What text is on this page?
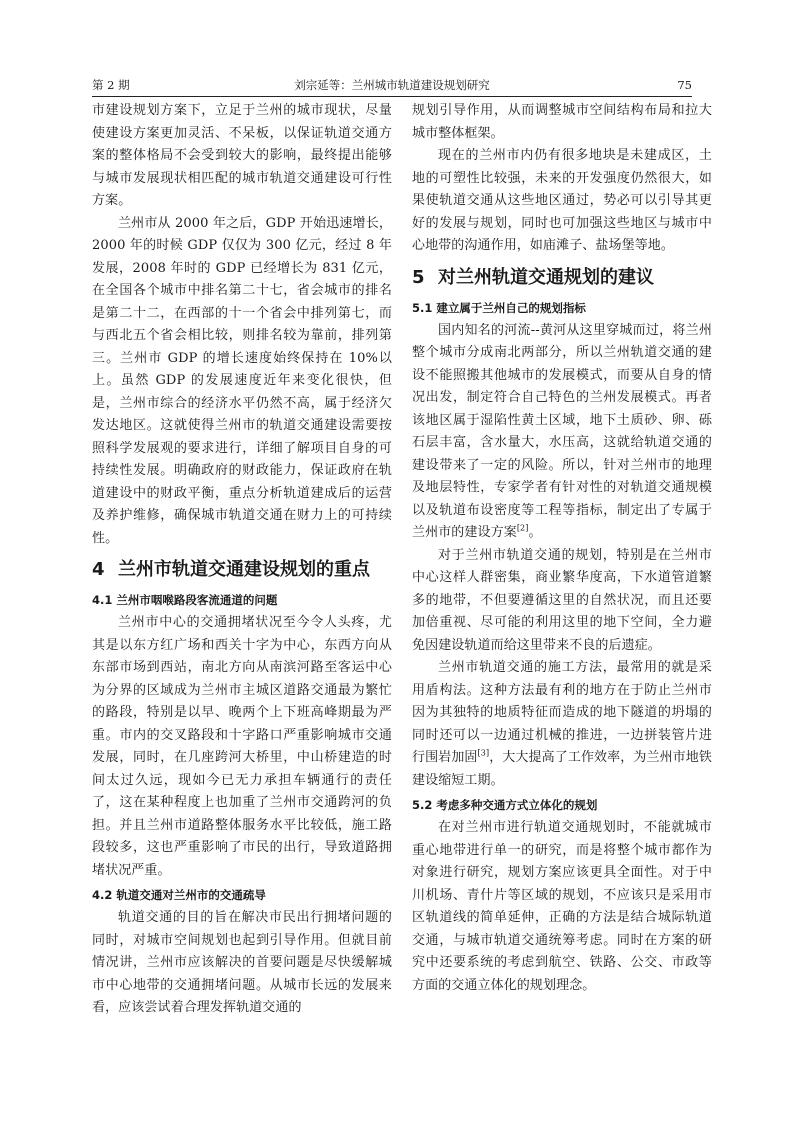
第 2 期	刘宗延等：兰州城市轨道建设规划研究	75

市建设规划方案下，立足于兰州的城市现状，尽量使建设方案更加灵活、不呆板，以保证轨道交通方案的整体格局不会受到较大的影响，最终提出能够与城市发展现状相匹配的城市轨道交通建设可行性方案。

兰州市从 2000 年之后，GDP 开始迅速增长，2000 年的时候 GDP 仅仅为 300 亿元，经过 8 年发展，2008 年时的 GDP 已经增长为 831 亿元，在全国各个城市中排名第二十七，省会城市的排名是第二十二，在西部的十一个省会中排列第七，而与西北五个省会相比较，则排名较为靠前，排列第三。兰州市 GDP 的增长速度始终保持在 10%以上。虽然 GDP 的发展速度近年来变化很快，但是，兰州市综合的经济水平仍然不高，属于经济欠发达地区。这就使得兰州市的轨道交通建设需要按照科学发展观的要求进行，详细了解项目自身的可持续性发展。明确政府的财政能力，保证政府在轨道建设中的财政平衡，重点分析轨道建成后的运营及养护维修，确保城市轨道交通在财力上的可持续性。

4 兰州市轨道交通建设规划的重点
4.1 兰州市咽喉路段客流通道的问题

兰州市中心的交通拥堵状况至今令人头疼，尤其是以东方红广场和西关十字为中心，东西方向从东部市场到西站，南北方向从南滨河路至客运中心为分界的区域成为兰州市主城区道路交通最为繁忙的路段，特别是以早、晚两个上下班高峰期最为严重。市内的交叉路段和十字路口严重影响城市交通发展，同时，在几座跨河大桥里，中山桥建造的时间太过久远，现如今已无力承担车辆通行的责任了，这在某种程度上也加重了兰州市交通跨河的负担。并且兰州市道路整体服务水平比较低，施工路段较多，这也严重影响了市民的出行，导致道路拥堵状况严重。

4.2 轨道交通对兰州市的交通疏导

轨道交通的目的旨在解决市民出行拥堵问题的同时，对城市空间规划也起到引导作用。但就目前情况讲，兰州市应该解决的首要问题是尽快缓解城市中心地带的交通拥堵问题。从城市长远的发展来看，应该尝试着合理发挥轨道交通的

规划引导作用，从而调整城市空间结构布局和拉大城市整体框架。

现在的兰州市内仍有很多地块是未建成区，土地的可塑性比较强，未来的开发强度仍然很大，如果使轨道交通从这些地区通过，势必可以引导其更好的发展与规划，同时也可加强这些地区与城市中心地带的沟通作用，如庙滩子、盐场堡等地。

5 对兰州轨道交通规划的建议
5.1 建立属于兰州自己的规划指标

国内知名的河流--黄河从这里穿城而过，将兰州整个城市分成南北两部分，所以兰州轨道交通的建设不能照搬其他城市的发展模式，而要从自身的情况出发，制定符合自己特色的兰州发展模式。再者该地区属于湿陷性黄土区域，地下土质砂、卵、砾石层丰富，含水量大，水压高，这就给轨道交通的建设带来了一定的风险。所以，针对兰州市的地理及地层特性，专家学者有针对性的对轨道交通规模以及轨道布设密度等工程等指标，制定出了专属于兰州市的建设方案[2]。

对于兰州市轨道交通的规划，特别是在兰州市中心这样人群密集，商业繁华度高，下水道管道繁多的地带，不但要遵循这里的自然状况，而且还要加倍重视、尽可能的利用这里的地下空间，全力避免因建设轨道而给这里带来不良的后遗症。

兰州市轨道交通的施工方法，最常用的就是采用盾构法。这种方法最有利的地方在于防止兰州市因为其独特的地质特征而造成的地下隧道的坍塌的同时还可以一边通过机械的推进，一边拼装管片进行围岩加固[3]，大大提高了工作效率，为兰州市地铁建设缩短工期。

5.2 考虑多种交通方式立体化的规划

在对兰州市进行轨道交通规划时，不能就城市重心地带进行单一的研究，而是将整个城市都作为对象进行研究，规划方案应该更具全面性。对于中川机场、青什片等区域的规划，不应该只是采用市区轨道线的简单延伸，正确的方法是结合城际轨道交通，与城市轨道交通统筹考虑。同时在方案的研究中还要系统的考虑到航空、铁路、公交、市政等方面的交通立体化的规划理念。
